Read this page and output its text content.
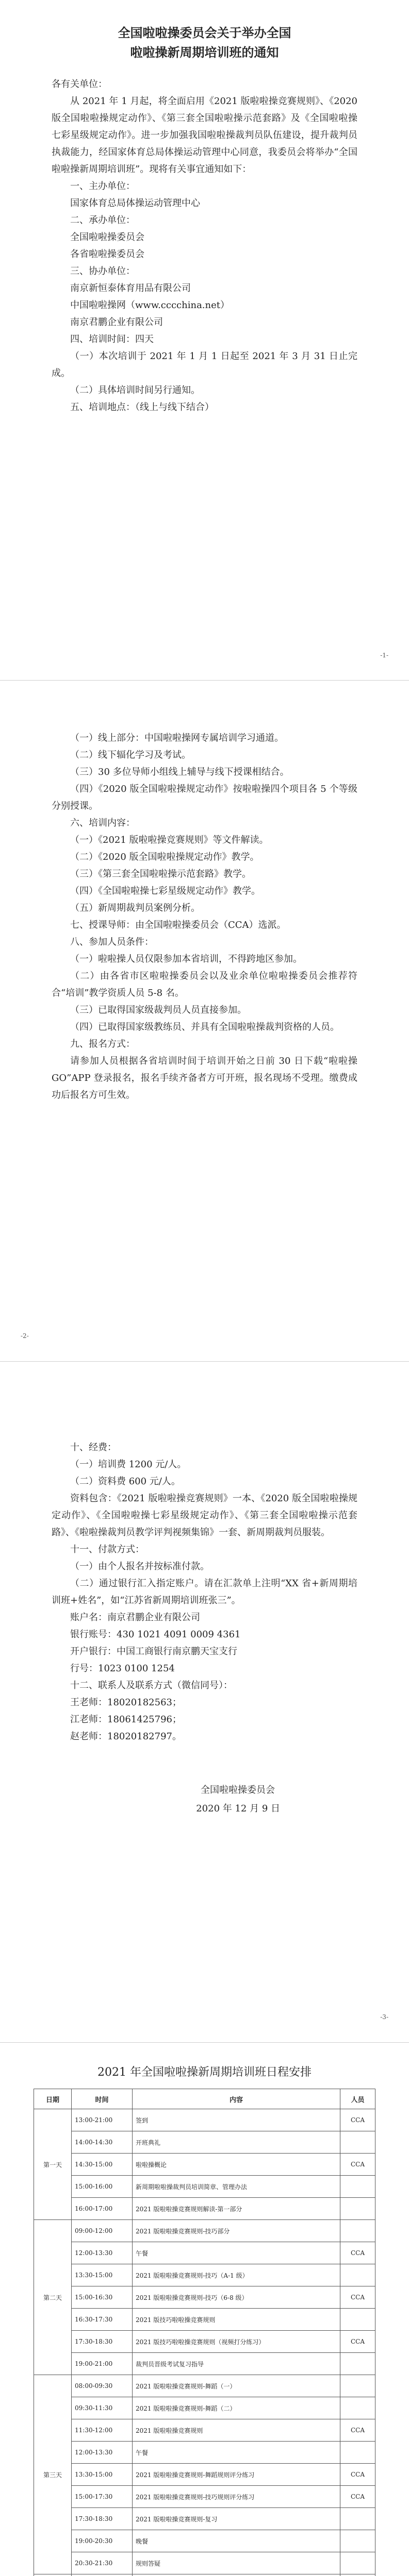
全国啦啦操委员会关于举办全国

啦啦操新周期培训班的通知

各有关单位：

从 2021 年 1 月起，将全面启用《2021 版啦啦操竞赛规则》、《2020 版全国啦啦操规定动作》、《第三套全国啦啦操示范套路》及《全国啦啦操七彩星级规定动作》。进一步加强我国啦啦操裁判员队伍建设，提升裁判员执裁能力，经国家体育总局体操运动管理中心同意，我委员会将举办“全国啦啦操新周期培训班”。现将有关事宜通知如下：

一、主办单位：

国家体育总局体操运动管理中心

二、承办单位：

全国啦啦操委员会

各省啦啦操委员会

三、协办单位：

南京新恒泰体育用品有限公司

中国啦啦操网（www.cccchina.net）

南京君鹏企业有限公司

四、培训时间：四天

（一）本次培训于 2021 年 1 月 1 日起至 2021 年 3 月 31 日止完成。

（二）具体培训时间另行通知。

五、培训地点：（线上与线下结合）

-1-

（一）线上部分：中国啦啦操网专属培训学习通道。

（二）线下辐化学习及考试。

（三）30 多位导师小组线上辅导与线下授课相结合。

（四）《2020 版全国啦啦操规定动作》按啦啦操四个项目各 5 个等级分别授课。

六、培训内容：

（一）《2021 版啦啦操竞赛规则》等文件解读。

（二）《2020 版全国啦啦操规定动作》教学。

（三）《第三套全国啦啦操示范套路》教学。

（四）《全国啦啦操七彩星级规定动作》教学。

（五）新周期裁判员案例分析。

七、授课导师：由全国啦啦操委员会（CCA）选派。

八、参加人员条件：

（一）啦啦操人员仅限参加本省培训，不得跨地区参加。

（二）由各省市区啦啦操委员会以及业余单位啦啦操委员会推荐符合“培训”教学资质人员 5-8 名。

（三）已取得国家级裁判员人员直接参加。

（四）已取得国家级教练员、并具有全国啦啦操裁判资格的人员。

九、报名方式：

请参加人员根据各省培训时间于培训开始之日前 30 日下载“啦啦操 GO”APP 登录报名，报名手续齐备者方可开班，报名现场不受理。缴费成功后报名方可生效。

-2-

十、经费：

（一）培训费 1200 元/人。

（二）资料费 600 元/人。

资料包含：《2021 版啦啦操竞赛规则》一本、《2020 版全国啦啦操规定动作》、《全国啦啦操七彩星级规定动作》、《第三套全国啦啦操示范套路》、《啦啦操裁判员教学评判视频集锦》一套、新周期裁判员服装。

十一、付款方式：

（一）由个人报名并按标准付款。

（二）通过银行汇入指定账户。请在汇款单上注明“XX 省+新周期培训班+姓名”，如“江苏省新周期培训班张三”。

账户名：南京君鹏企业有限公司

银行账号：430 1021 4091 0009 4361

开户银行：中国工商银行南京鹏天宝支行

行号：1023 0100 1254

十二、联系人及联系方式（微信同号）：

王老师：18020182563；

江老师：18061425796；

赵老师：18020182797。

全国啦啦操委员会
2020 年 12 月 9 日
-3-
2021 年全国啦啦操新周期培训班日程安排
日期	时间	内容	人员
第一天	13:00-21:00	签到	CCA
	14:00-14:30	开班典礼	
	14:30-15:00	啦啦操概论	CCA
	15:00-16:00	新周期啦啦操裁判员培训简章、管理办法	
	16:00-17:00	2021 版啦啦操竞赛规则解读-第一部分	
第二天	09:00-12:00	2021 版啦啦操竞赛规则-技巧部分	
	12:00-13:30	午餐	CCA
	13:30-15:00	2021 版啦啦操竞赛规则-技巧（A-1 级）	
	15:00-16:30	2021 版啦啦操竞赛规则-技巧（6-8 级）	CCA
	16:30-17:30	2021 版技巧啦啦操竞赛规则	
	17:30-18:30	2021 版技巧啦啦操竞赛规则（视频打分练习）	CCA
	19:00-21:00	裁判员晋级考试复习指导	
第三天	08:00-09:30	2021 版啦啦操竞赛规则-舞蹈（一）	
	09:30-11:30	2021 版啦啦操竞赛规则-舞蹈（二）	
	11:30-12:00	2021 版啦啦操竞赛规则	CCA
	12:00-13:30	午餐	
	13:30-15:00	2021 版啦啦操竞赛规则-舞蹈规则评分练习	CCA
	15:00-17:30	2021 版啦啦操竞赛规则-技巧规则评分练习	CCA
	17:30-18:30	2021 版啦啦操竞赛规则-复习	
	19:00-20:30	晚餐	
	20:30-21:30	规则答疑	
